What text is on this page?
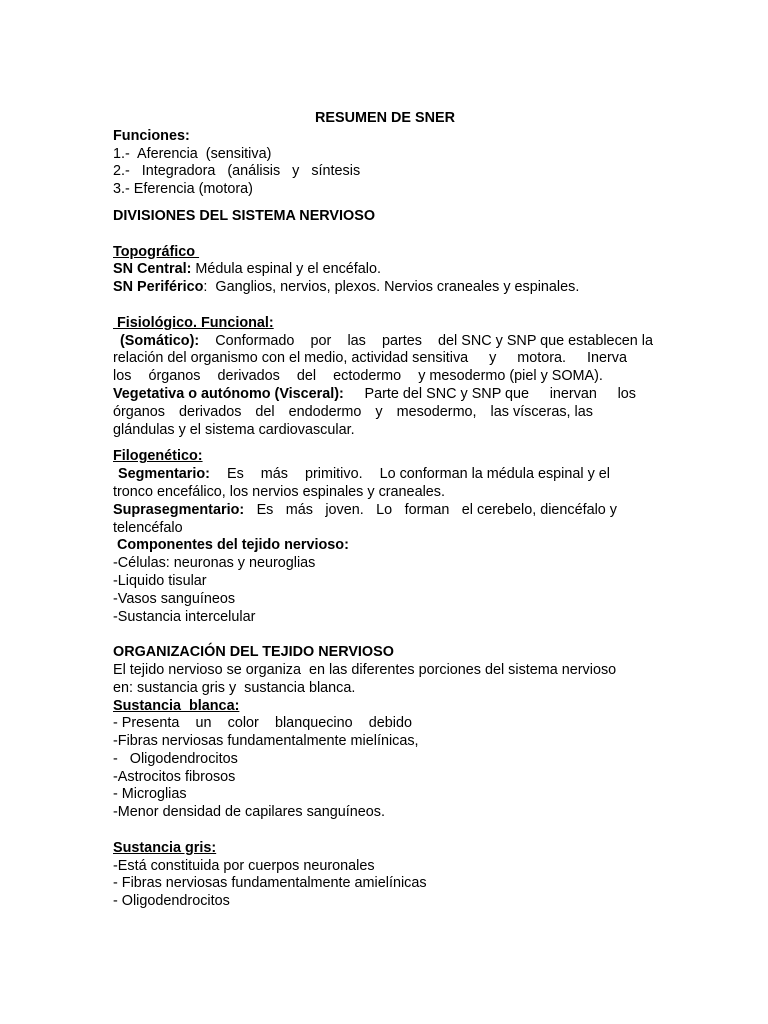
RESUMEN DE SNER
Funciones:
1.-  Aferencia  (sensitiva)
2.-   Integradora   (análisis   y   síntesis
3.- Eferencia (motora)
DIVISIONES DEL SISTEMA NERVIOSO
Topográfico
SN Central: Médula espinal y el encéfalo.
SN Periférico:  Ganglios, nervios, plexos. Nervios craneales y espinales.
Fisiológico. Funcional:
(Somático): Conformado por las partes del SNC y SNP que establecen la
relación del organismo con el medio, actividad sensitiva y motora. Inerva
los órganos derivados del ectodermo y mesodermo (piel y SOMA).
Vegetativa o autónomo (Visceral): Parte del SNC y SNP que inervan los
órganos derivados del endodermo y mesodermo, las vísceras, las
glándulas y el sistema cardiovascular.
Filogenético:
Segmentario: Es más primitivo. Lo conforman la médula espinal y el
tronco encefálico, los nervios espinales y craneales.
Suprasegmentario: Es más joven. Lo forman el cerebelo, diencéfalo y
telencéfalo
Componentes del tejido nervioso:
-Células: neuronas y neuroglias
-Liquido tisular
-Vasos sanguíneos
-Sustancia intercelular
ORGANIZACIÓN DEL TEJIDO NERVIOSO
El tejido nervioso se organiza  en las diferentes porciones del sistema nervioso
en: sustancia gris y  sustancia blanca.
Sustancia  blanca:
- Presenta un color blanquecino debido
-Fibras nerviosas fundamentalmente mielínicas,
-   Oligodendrocitos
-Astrocitos fibrosos
- Microglias
-Menor densidad de capilares sanguíneos.
Sustancia gris:
-Está constituida por cuerpos neuronales
- Fibras nerviosas fundamentalmente amielínicas
- Oligodendrocitos
